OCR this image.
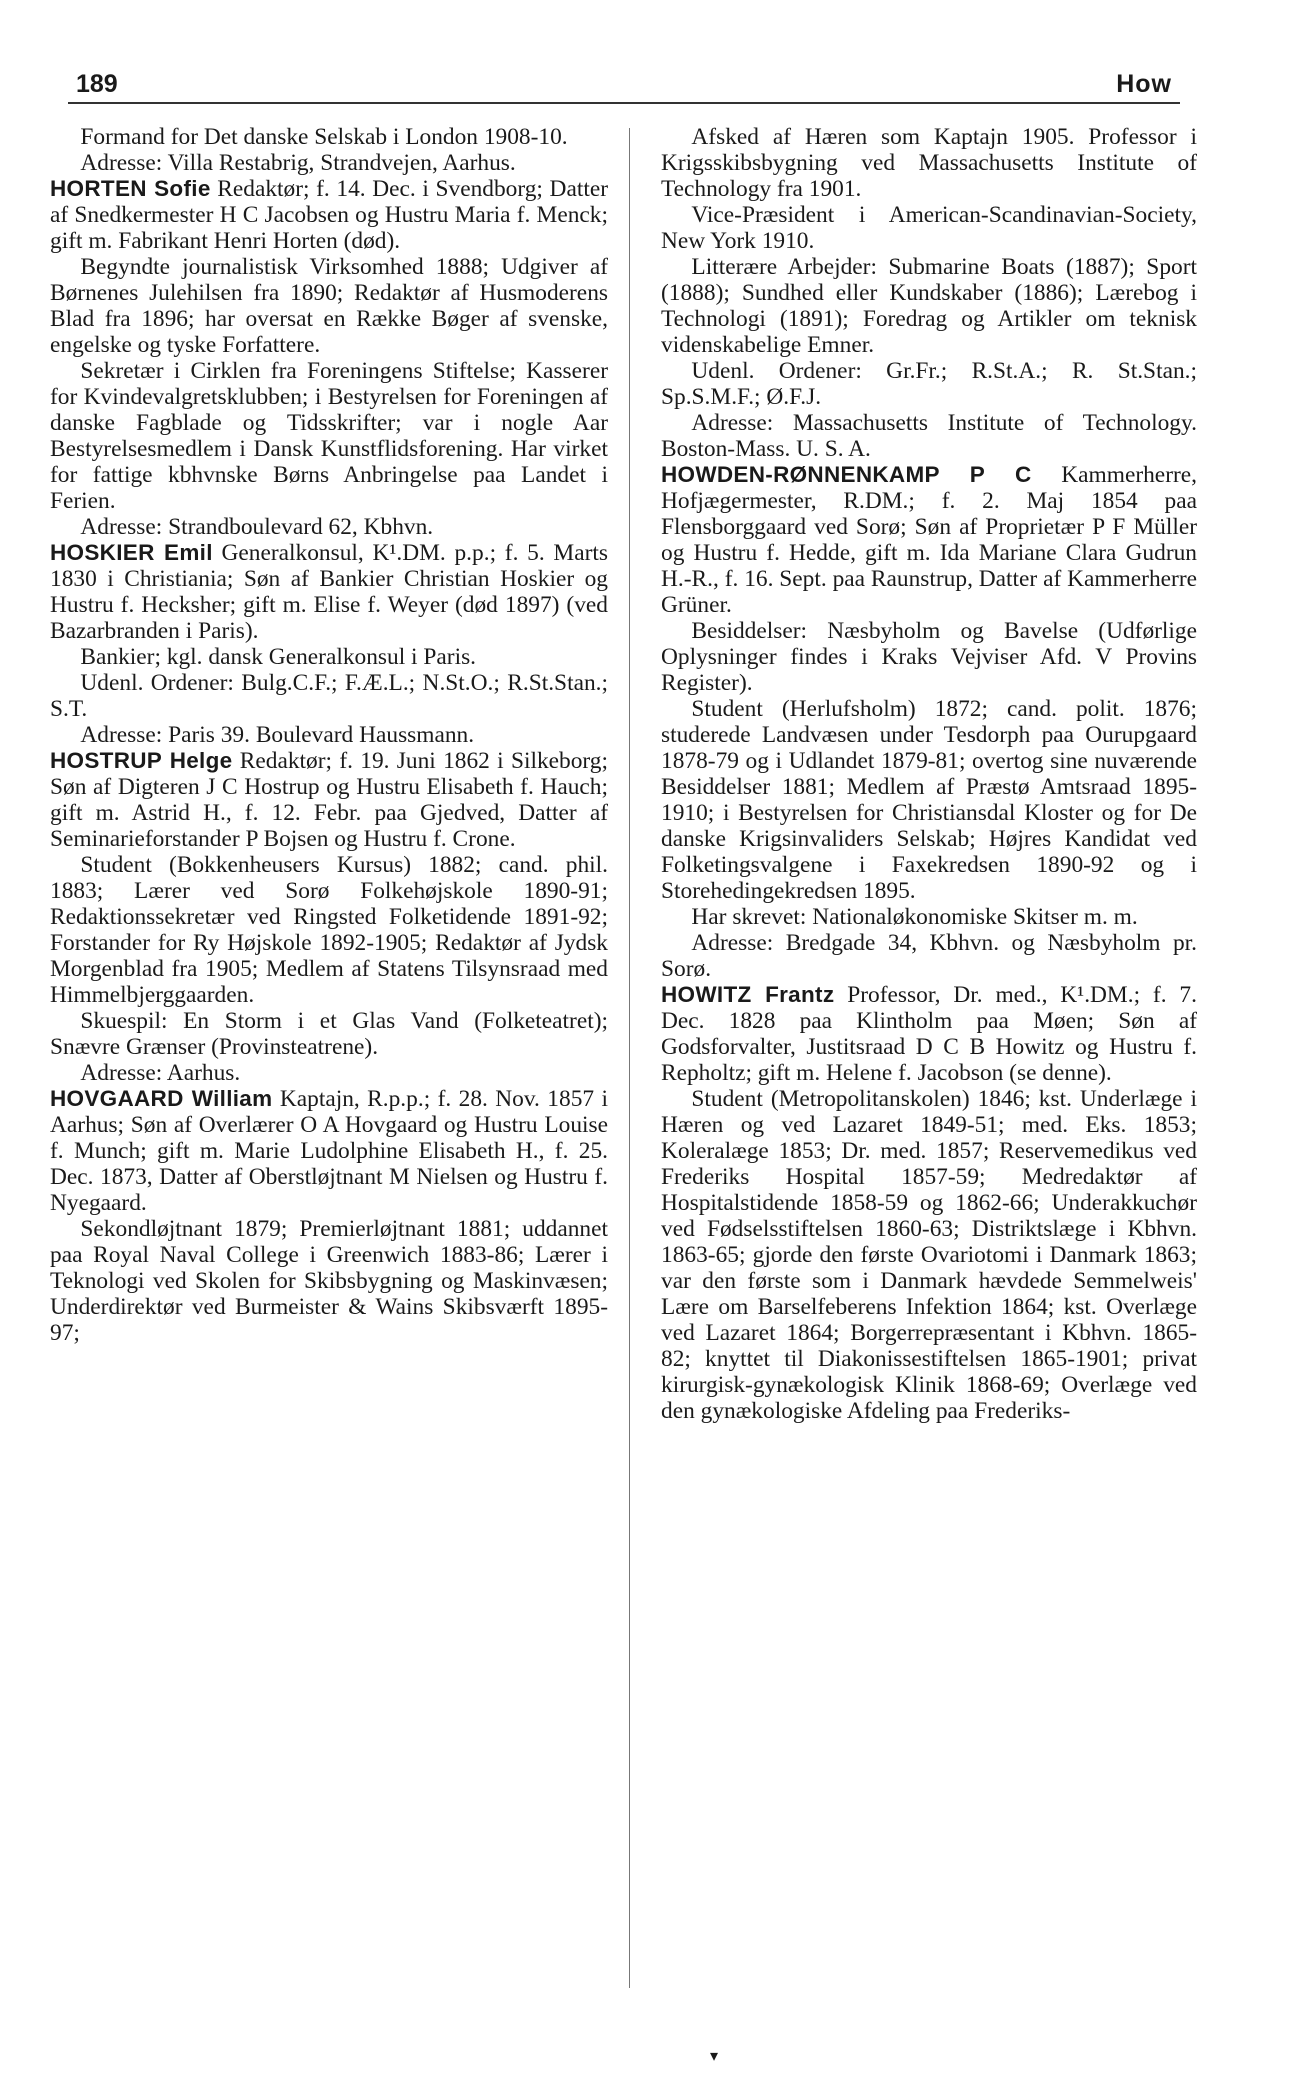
189	How

Formand for Det danske Selskab i London 1908-10.

Adresse: Villa Restabrig, Strandvejen, Aarhus.

HORTEN Sofie Redaktør; f. 14. Dec. i Svendborg; Datter af Snedkermester H C Jacobsen og Hustru Maria f. Menck; gift m. Fabrikant Henri Horten (død).

Begyndte journalistisk Virksomhed 1888; Udgiver af Børnenes Julehilsen fra 1890; Redaktør af Husmoderens Blad fra 1896; har oversat en Række Bøger af svenske, engelske og tyske Forfattere.

Sekretær i Cirklen fra Foreningens Stiftelse; Kasserer for Kvindevalgretsklubben; i Bestyrelsen for Foreningen af danske Fagblade og Tidsskrifter; var i nogle Aar Bestyrelsesmedlem i Dansk Kunstflidsforening. Har virket for fattige kbhvnske Børns Anbringelse paa Landet i Ferien.

Adresse: Strandboulevard 62, Kbhvn.

HOSKIER Emil Generalkonsul, K¹.DM. p.p.; f. 5. Marts 1830 i Christiania; Søn af Bankier Christian Hoskier og Hustru f. Hecksher; gift m. Elise f. Weyer (død 1897) (ved Bazarbranden i Paris).

Bankier; kgl. dansk Generalkonsul i Paris.

Udenl. Ordener: Bulg.C.F.; F.Æ.L.; N.St.O.; R.St.Stan.; S.T.

Adresse: Paris 39. Boulevard Haussmann.

HOSTRUP Helge Redaktør; f. 19. Juni 1862 i Silkeborg; Søn af Digteren J C Hostrup og Hustru Elisabeth f. Hauch; gift m. Astrid H., f. 12. Febr. paa Gjedved, Datter af Seminarieforstander P Bojsen og Hustru f. Crone.

Student (Bokkenheusers Kursus) 1882; cand. phil. 1883; Lærer ved Sorø Folkehøjskole 1890-91; Redaktionssekretær ved Ringsted Folketidende 1891-92; Forstander for Ry Højskole 1892-1905; Redaktør af Jydsk Morgenblad fra 1905; Medlem af Statens Tilsynsraad med Himmelbjerggaarden.

Skuespil: En Storm i et Glas Vand (Folketeatret); Snævre Grænser (Provinsteatrene).

Adresse: Aarhus.

HOVGAARD William Kaptajn, R.p.p.; f. 28. Nov. 1857 i Aarhus; Søn af Overlærer O A Hovgaard og Hustru Louise f. Munch; gift m. Marie Ludolphine Elisabeth H., f. 25. Dec. 1873, Datter af Oberstløjtnant M Nielsen og Hustru f. Nyegaard.

Sekondløjtnant 1879; Premierløjtnant 1881; uddannet paa Royal Naval College i Greenwich 1883-86; Lærer i Teknologi ved Skolen for Skibsbygning og Maskinvæsen; Underdirektør ved Burmeister & Wains Skibsværft 1895-97;

Afsked af Hæren som Kaptajn 1905. Professor i Krigsskibsbygning ved Massachusetts Institute of Technology fra 1901.

Vice-Præsident i American-Scandinavian-Society, New York 1910.

Litterære Arbejder: Submarine Boats (1887); Sport (1888); Sundhed eller Kundskaber (1886); Lærebog i Technologi (1891); Foredrag og Artikler om teknisk videnskabelige Emner.

Udenl. Ordener: Gr.Fr.; R.St.A.; R. St.Stan.; Sp.S.M.F.; Ø.F.J.

Adresse: Massachusetts Institute of Technology. Boston-Mass. U. S. A.

HOWDEN-RØNNENKAMP P C Kammerherre, Hofjægermester, R.DM.; f. 2. Maj 1854 paa Flensborggaard ved Sorø; Søn af Proprietær P F Müller og Hustru f. Hedde, gift m. Ida Mariane Clara Gudrun H.-R., f. 16. Sept. paa Raunstrup, Datter af Kammerherre Grüner.

Besiddelser: Næsbyholm og Bavelse (Udførlige Oplysninger findes i Kraks Vejviser Afd. V Provins Register).

Student (Herlufsholm) 1872; cand. polit. 1876; studerede Landvæsen under Tesdorph paa Ourupgaard 1878-79 og i Udlandet 1879-81; overtog sine nuværende Besiddelser 1881; Medlem af Præstø Amtsraad 1895-1910; i Bestyrelsen for Christiansdal Kloster og for De danske Krigsinvaliders Selskab; Højres Kandidat ved Folketingsvalgene i Faxekredsen 1890-92 og i Storehedingekredsen 1895.

Har skrevet: Nationaløkonomiske Skitser m. m.

Adresse: Bredgade 34, Kbhvn. og Næsbyholm pr. Sorø.

HOWITZ Frantz Professor, Dr. med., K¹.DM.; f. 7. Dec. 1828 paa Klintholm paa Møen; Søn af Godsforvalter, Justitsraad D C B Howitz og Hustru f. Repholtz; gift m. Helene f. Jacobson (se denne).

Student (Metropolitanskolen) 1846; kst. Underlæge i Hæren og ved Lazaret 1849-51; med. Eks. 1853; Koleralæge 1853; Dr. med. 1857; Reservemedikus ved Frederiks Hospital 1857-59; Medredaktør af Hospitalstidende 1858-59 og 1862-66; Underakkuchør ved Fødselsstiftelsen 1860-63; Distriktslæge i Kbhvn. 1863-65; gjorde den første Ovariotomi i Danmark 1863; var den første som i Danmark hævdede Semmelweis' Lære om Barselfeberens Infektion 1864; kst. Overlæge ved Lazaret 1864; Borgerrepræsentant i Kbhvn. 1865-82; knyttet til Diakonissestiftelsen 1865-1901; privat kirurgisk-gynækologisk Klinik 1868-69; Overlæge ved den gynækologiske Afdeling paa Frederiks-

▾
